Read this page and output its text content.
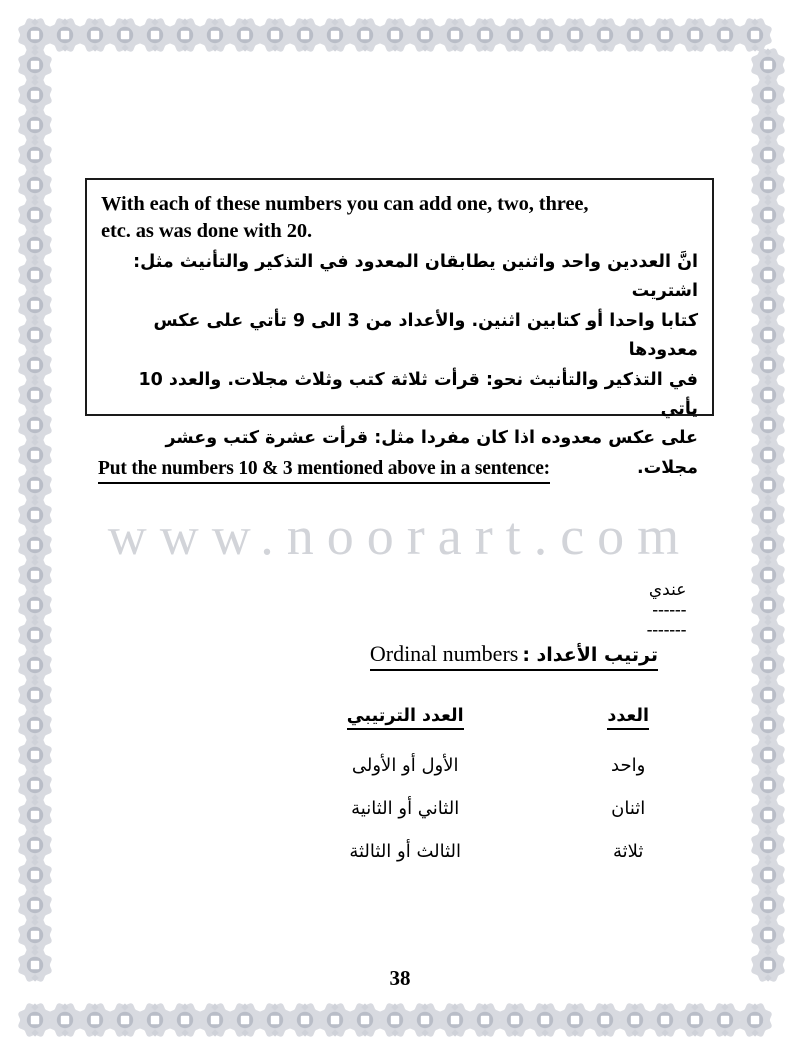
www.noorart.com
With each of these numbers you can add one, two, three,
etc. as was done with 20.
انَّ العددين واحد واثنين يطابقان المعدود في التذكير والتأنيث مثل: اشتريت
كتابا واحدا أو كتابين اثنين. والأعداد من 3 الى 9 تأتي على عكس معدودها
في التذكير والتأنيث نحو: قرأت ثلاثة كتب وثلاث مجلات. والعدد 10 يأتي
على عكس معدوده اذا كان مفردا مثل: قرأت عشرة كتب وعشر مجلات.
Put the numbers 10 & 3 mentioned above in a sentence:

عندي
------
-------

ترتيب الأعداد : Ordinal numbers
العدد	العدد الترتيبي
واحد	الأول أو الأولى
اثنان	الثاني أو الثانية
ثلاثة	الثالث أو الثالثة
38
